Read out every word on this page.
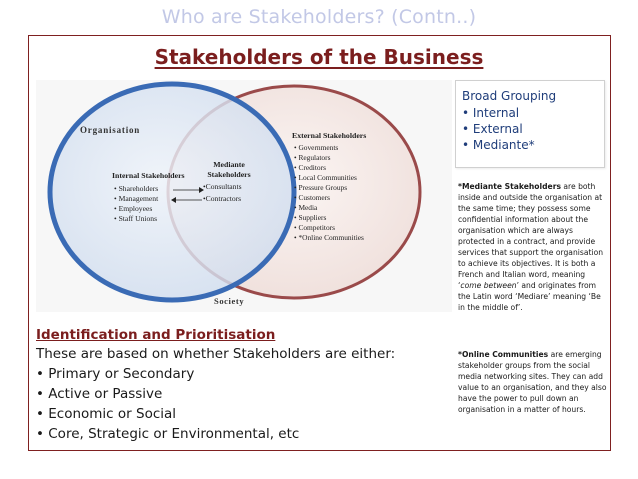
Who are Stakeholders? (Contn..)
Stakeholders of the Business
Organisation
Society
Internal Stakeholders
• Shareholders
• Management
• Employees
• Staff Unions
Mediante
Stakeholders
•Consultants
•Contractors
External Stakeholders
• Governments
• Regulators
• Creditors
• Local Communities
• Pressure Groups
• Customers
• Media
• Suppliers
• Competitors
• *Online Communities
Broad Grouping
• Internal
• External
• Mediante*
*Mediante Stakeholders are both inside and outside the organisation at the same time; they possess some confidential information about the organisation which are always protected in a contract, and provide services that support the organisation to achieve its objectives. It is both a French and Italian word, meaning ‘come between’ and originates from the Latin word ‘Mediare’ meaning ‘Be in the middle of’.
*Online Communities are emerging stakeholder groups from the social media networking sites. They can add value to an organisation, and they also have the power to pull down an organisation in a matter of hours.
Identification and Prioritisation
These are based on whether Stakeholders are either:
• Primary or Secondary
• Active or Passive
• Economic or Social
• Core, Strategic or Environmental, etc
